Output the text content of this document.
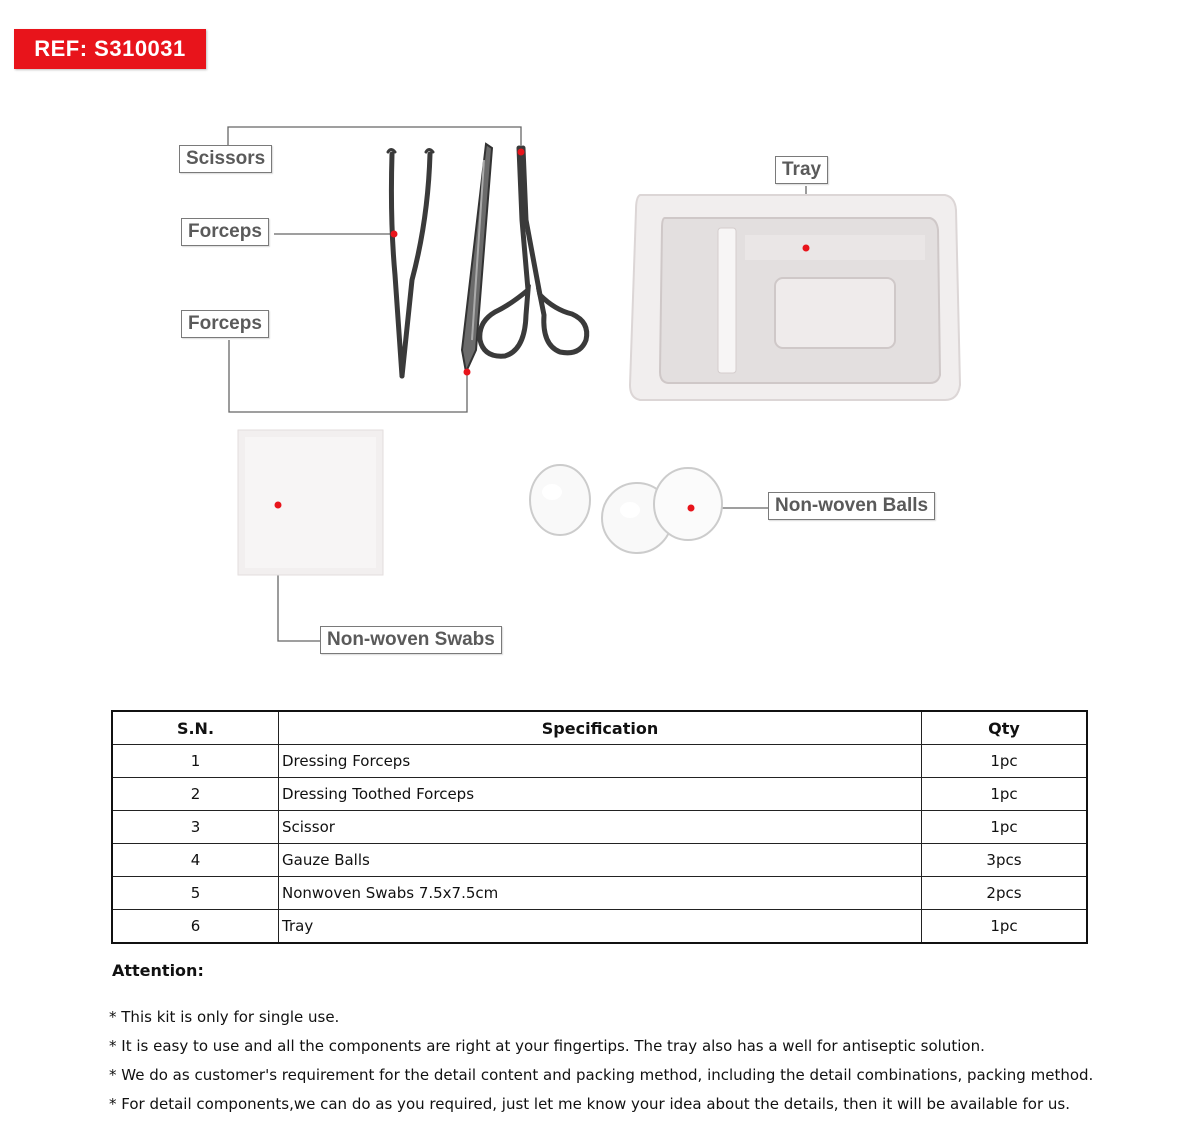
REF: S310031
Scissors
Forceps
Forceps
Tray
Non-woven Balls
Non-woven Swabs
S.N.	Specification	Qty
1	Dressing Forceps	1pc
2	Dressing Toothed Forceps	1pc
3	Scissor	1pc
4	Gauze Balls	3pcs
5	Nonwoven Swabs 7.5x7.5cm	2pcs
6	Tray	1pc
Attention:
* This kit is only for single use.
* It is easy to use and all the components are right at your fingertips. The tray also has a well for antiseptic solution.
* We do as customer's requirement for the detail content and packing method, including the detail combinations, packing method.
* For detail components,we can do as you required, just let me know your idea about the details, then it will be available for us.
